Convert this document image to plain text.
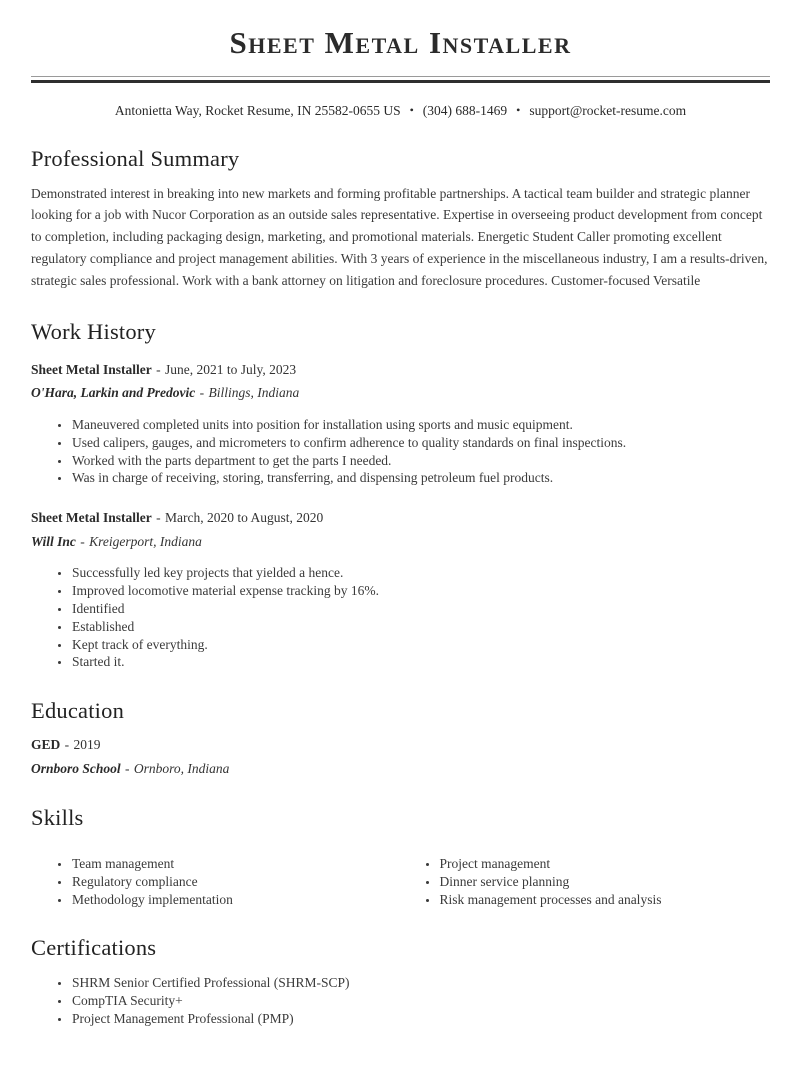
Sheet Metal Installer
Antonietta Way, Rocket Resume, IN 25582-0655 US • (304) 688-1469 • support@rocket-resume.com
Professional Summary

Demonstrated interest in breaking into new markets and forming profitable partnerships. A tactical team builder and strategic planner looking for a job with Nucor Corporation as an outside sales representative. Expertise in overseeing product development from concept to completion, including packaging design, marketing, and promotional materials. Energetic Student Caller promoting excellent regulatory compliance and project management abilities. With 3 years of experience in the miscellaneous industry, I am a results-driven, strategic sales professional. Work with a bank attorney on litigation and foreclosure procedures. Customer-focused Versatile

Work History
Sheet Metal Installer - June, 2021 to July, 2023
O'Hara, Larkin and Predovic - Billings, Indiana
• Maneuvered completed units into position for installation using sports and music equipment.
• Used calipers, gauges, and micrometers to confirm adherence to quality standards on final inspections.
• Worked with the parts department to get the parts I needed.
• Was in charge of receiving, storing, transferring, and dispensing petroleum fuel products.
Sheet Metal Installer - March, 2020 to August, 2020
Will Inc - Kreigerport, Indiana
• Successfully led key projects that yielded a hence.
• Improved locomotive material expense tracking by 16%.
• Identified
• Established
• Kept track of everything.
• Started it.
Education
GED - 2019
Ornboro School - Ornboro, Indiana
Skills
• Team management
• Regulatory compliance
• Methodology implementation
• Project management
• Dinner service planning
• Risk management processes and analysis
Certifications
• SHRM Senior Certified Professional (SHRM-SCP)
• CompTIA Security+
• Project Management Professional (PMP)
